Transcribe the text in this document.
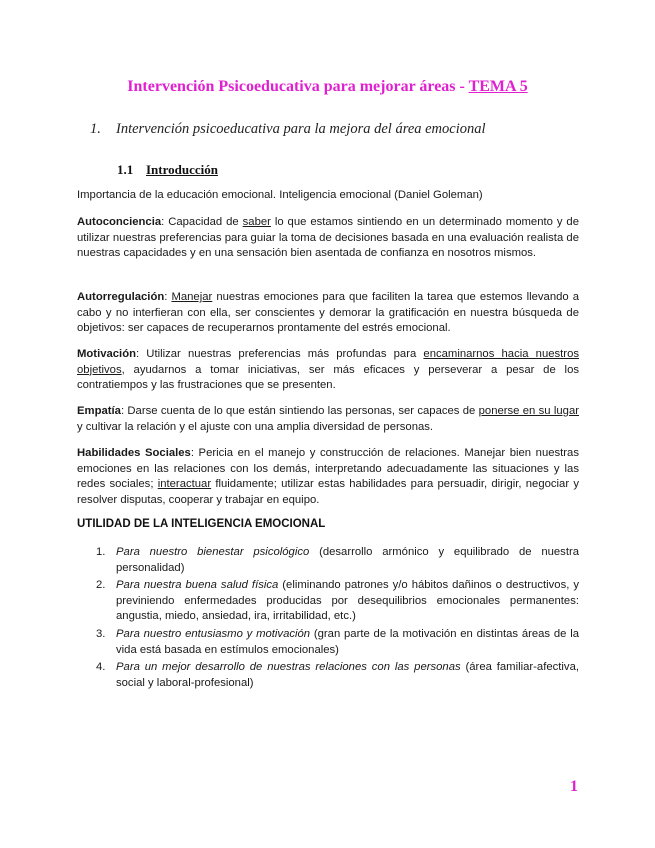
Intervención Psicoeducativa para mejorar áreas - TEMA 5
1. Intervención psicoeducativa para la mejora del área emocional
1.1 Introducción

Importancia de la educación emocional. Inteligencia emocional (Daniel Goleman)

Autoconciencia: Capacidad de saber lo que estamos sintiendo en un determinado momento y de utilizar nuestras preferencias para guiar la toma de decisiones basada en una evaluación realista de nuestras capacidades y en una sensación bien asentada de confianza en nosotros mismos.

Autorregulación: Manejar nuestras emociones para que faciliten la tarea que estemos llevando a cabo y no interfieran con ella, ser conscientes y demorar la gratificación en nuestra búsqueda de objetivos: ser capaces de recuperarnos prontamente del estrés emocional.

Motivación: Utilizar nuestras preferencias más profundas para encaminarnos hacia nuestros objetivos, ayudarnos a tomar iniciativas, ser más eficaces y perseverar a pesar de los contratiempos y las frustraciones que se presenten.

Empatía: Darse cuenta de lo que están sintiendo las personas, ser capaces de ponerse en su lugar y cultivar la relación y el ajuste con una amplia diversidad de personas.

Habilidades Sociales: Pericia en el manejo y construcción de relaciones. Manejar bien nuestras emociones en las relaciones con los demás, interpretando adecuadamente las situaciones y las redes sociales; interactuar fluidamente; utilizar estas habilidades para persuadir, dirigir, negociar y resolver disputas, cooperar y trabajar en equipo.

UTILIDAD DE LA INTELIGENCIA EMOCIONAL
1. Para nuestro bienestar psicológico (desarrollo armónico y equilibrado de nuestra personalidad)
2. Para nuestra buena salud física (eliminando patrones y/o hábitos dañinos o destructivos, y previniendo enfermedades producidas por desequilibrios emocionales permanentes: angustia, miedo, ansiedad, ira, irritabilidad, etc.)
3. Para nuestro entusiasmo y motivación (gran parte de la motivación en distintas áreas de la vida está basada en estímulos emocionales)
4. Para un mejor desarrollo de nuestras relaciones con las personas (área familiar-afectiva, social y laboral-profesional)
1
